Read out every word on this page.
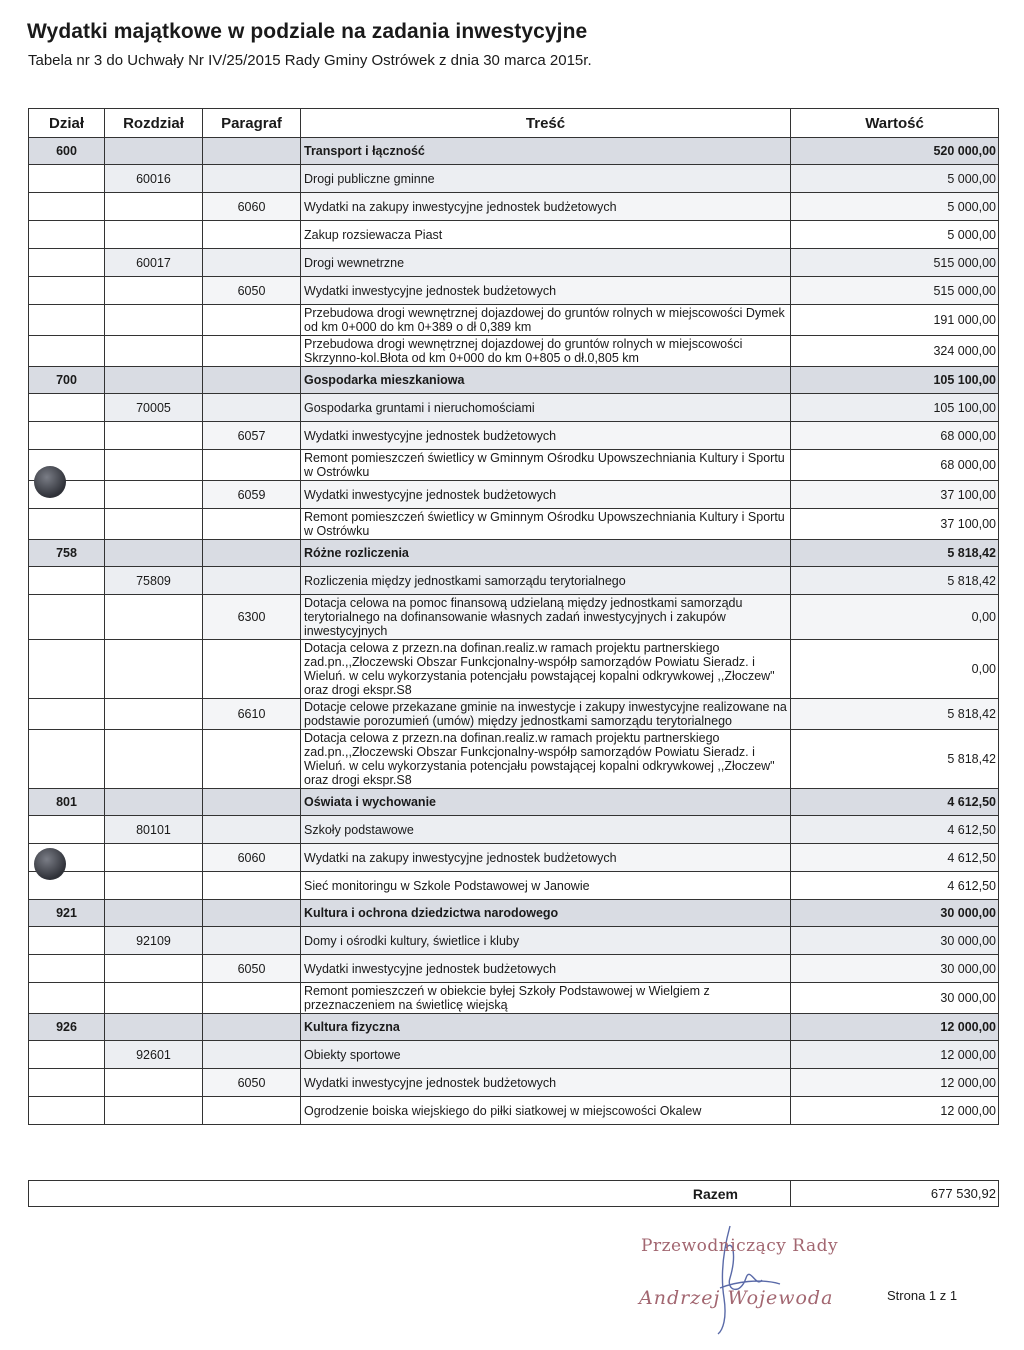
Wydatki majątkowe w podziale na zadania inwestycyjne
Tabela nr 3 do Uchwały Nr IV/25/2015 Rady Gminy Ostrówek z dnia 30 marca 2015r.
Dział	Rozdział	Paragraf	Treść	Wartość
600			Transport i łączność	520 000,00
	60016		Drogi publiczne gminne	5 000,00
		6060	Wydatki na zakupy inwestycyjne jednostek budżetowych	5 000,00
			Zakup rozsiewacza Piast	5 000,00
	60017		Drogi wewnetrzne	515 000,00
		6050	Wydatki inwestycyjne jednostek budżetowych	515 000,00
			Przebudowa drogi wewnętrznej dojazdowej do gruntów rolnych w miejscowości Dymek od km 0+000 do km 0+389 o dł 0,389 km	191 000,00
			Przebudowa drogi wewnętrznej dojazdowej do gruntów rolnych w miejscowości Skrzynno-kol.Błota od km 0+000 do km 0+805 o dł.0,805 km	324 000,00
700			Gospodarka mieszkaniowa	105 100,00
	70005		Gospodarka gruntami i nieruchomościami	105 100,00
		6057	Wydatki inwestycyjne jednostek budżetowych	68 000,00
			Remont pomieszczeń świetlicy w Gminnym Ośrodku Upowszechniania Kultury i Sportu w Ostrówku	68 000,00
		6059	Wydatki inwestycyjne jednostek budżetowych	37 100,00
			Remont pomieszczeń świetlicy w Gminnym Ośrodku Upowszechniania Kultury i Sportu w Ostrówku	37 100,00
758			Różne rozliczenia	5 818,42
	75809		Rozliczenia między jednostkami samorządu terytorialnego	5 818,42
		6300	Dotacja celowa na pomoc finansową udzielaną między jednostkami samorządu terytorialnego na dofinansowanie własnych zadań inwestycyjnych i zakupów inwestycyjnych	0,00
			Dotacja celowa z przezn.na dofinan.realiz.w ramach projektu partnerskiego zad.pn.,,Złoczewski Obszar Funkcjonalny-współp samorządów Powiatu Sieradz. i Wieluń. w celu wykorzystania potencjału powstającej kopalni odkrywkowej ,,Złoczew" oraz drogi ekspr.S8	0,00
		6610	Dotacje celowe przekazane gminie na inwestycje i zakupy inwestycyjne realizowane na podstawie porozumień (umów) między jednostkami samorządu terytorialnego	5 818,42
			Dotacja celowa z przezn.na dofinan.realiz.w ramach projektu partnerskiego zad.pn.,,Złoczewski Obszar Funkcjonalny-współp samorządów Powiatu Sieradz. i Wieluń. w celu wykorzystania potencjału powstającej kopalni odkrywkowej ,,Złoczew" oraz drogi ekspr.S8	5 818,42
801			Oświata i wychowanie	4 612,50
	80101		Szkoły podstawowe	4 612,50
		6060	Wydatki na zakupy inwestycyjne jednostek budżetowych	4 612,50
			Sieć monitoringu w Szkole Podstawowej w Janowie	4 612,50
921			Kultura i ochrona dziedzictwa narodowego	30 000,00
	92109		Domy i ośrodki kultury, świetlice i kluby	30 000,00
		6050	Wydatki inwestycyjne jednostek budżetowych	30 000,00
			Remont pomieszczeń w obiekcie byłej Szkoły Podstawowej w Wielgiem z przeznaczeniem na świetlicę wiejską	30 000,00
926			Kultura fizyczna	12 000,00
	92601		Obiekty sportowe	12 000,00
		6050	Wydatki inwestycyjne jednostek budżetowych	12 000,00
			Ogrodzenie boiska wiejskiego do piłki siatkowej w miejscowości Okalew	12 000,00
Razem	677 530,92
Przewodniczący Rady
Andrzej Wojewoda	Strona 1 z 1
